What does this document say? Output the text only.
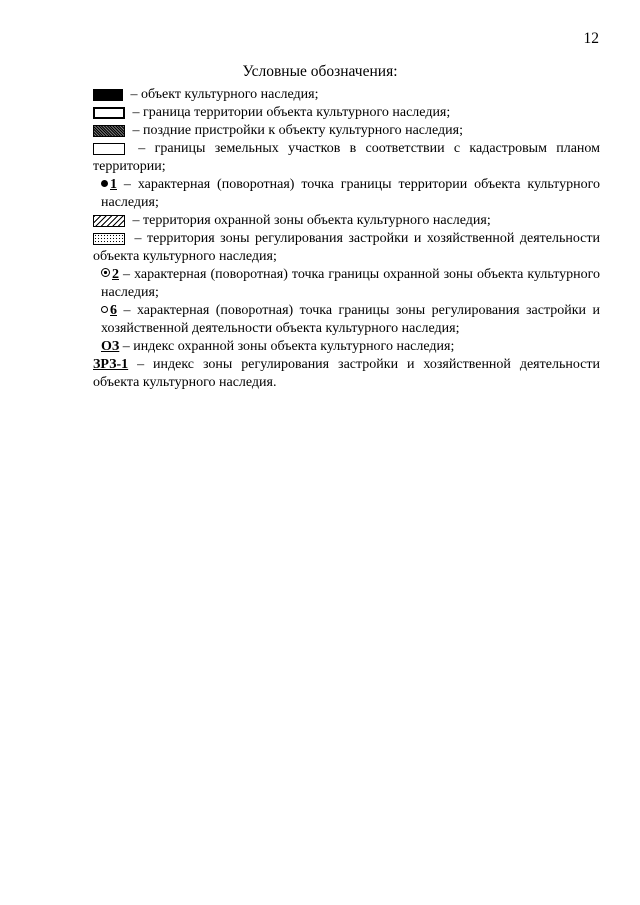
12
Условные обозначения:

– объект культурного наследия;

– граница территории объекта культурного наследия;

– поздние пристройки к объекту культурного наследия;

– границы земельных участков в соответствии с кадастровым планом территории;

1 – характерная (поворотная) точка границы территории объекта культурного наследия;

– территория охранной зоны объекта культурного наследия;

– территория зоны регулирования застройки и хозяйственной деятельности объекта культурного наследия;

2 – характерная (поворотная) точка границы охранной зоны объекта культурного наследия;

6 – характерная (поворотная) точка границы зоны регулирования застройки и хозяйственной деятельности объекта культурного наследия;

ОЗ – индекс охранной зоны объекта культурного наследия;

ЗРЗ-1 – индекс зоны регулирования застройки и хозяйственной деятельности объекта культурного наследия.
